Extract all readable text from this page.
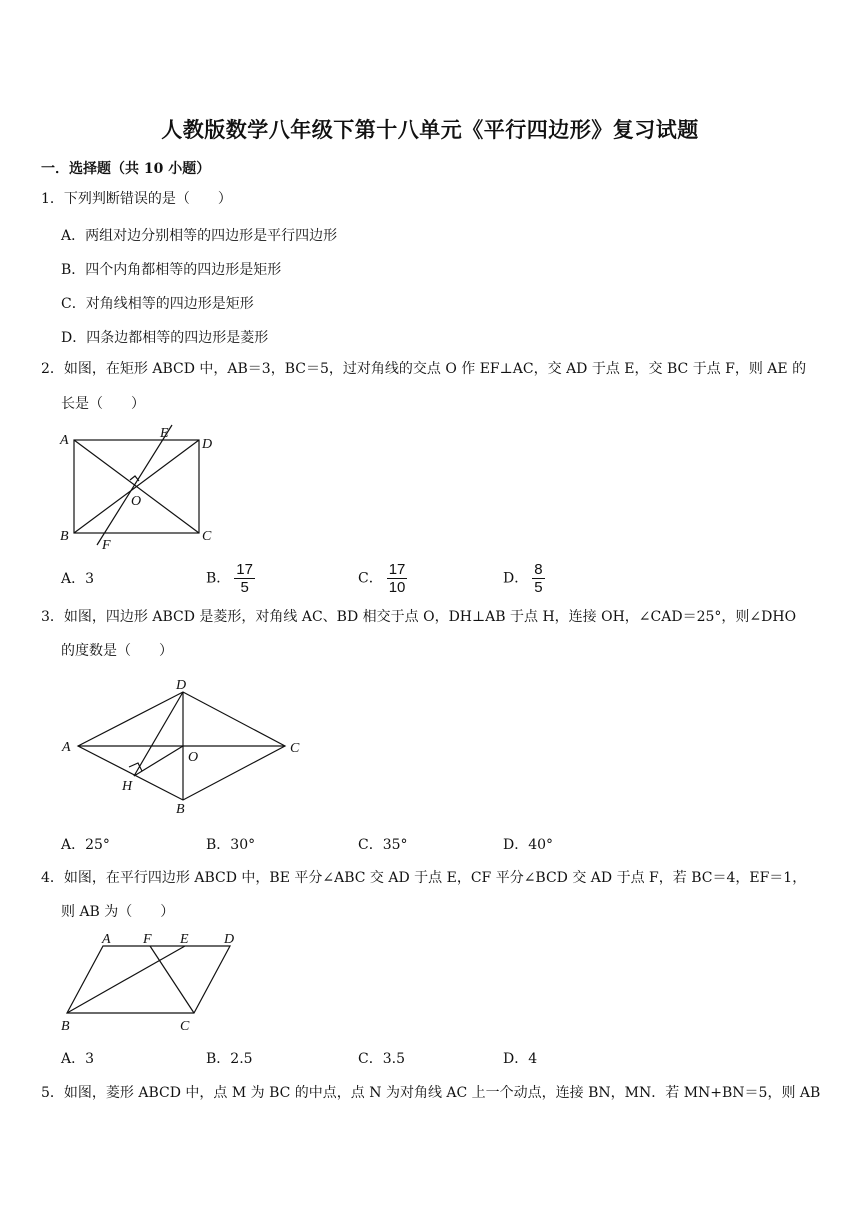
人教版数学八年级下第十八单元《平行四边形》复习试题
一．选择题（共 10 小题）
1．下列判断错误的是（　　）
A．两组对边分别相等的四边形是平行四边形
B．四个内角都相等的四边形是矩形
C．对角线相等的四边形是矩形
D．四条边都相等的四边形是菱形
2．如图，在矩形 ABCD 中，AB＝3，BC＝5，过对角线的交点 O 作 EF⊥AC，交 AD 于点 E，交 BC 于点 F，则 AE 的
长是（　　）
A	D
B	C
E
F
O
A．3	B． $\frac{17}{5}$	C． $\frac{17}{10}$	D． $\frac{8}{5}$
3．如图，四边形 ABCD 是菱形，对角线 AC、BD 相交于点 O，DH⊥AB 于点 H，连接 OH，∠CAD＝25°，则∠DHO
的度数是（　　）
D
A	C
O
H
B
A．25°	B．30°	C．35°	D．40°
4．如图，在平行四边形 ABCD 中，BE 平分∠ABC 交 AD 于点 E，CF 平分∠BCD 交 AD 于点 F，若 BC＝4，EF＝1，
则 AB 为（　　）
A F E	D
B	C
A．3	B．2.5	C．3.5	D．4
5．如图，菱形 ABCD 中，点 M 为 BC 的中点，点 N 为对角线 AC 上一个动点，连接 BN，MN．若 MN+BN＝5，则 AB
